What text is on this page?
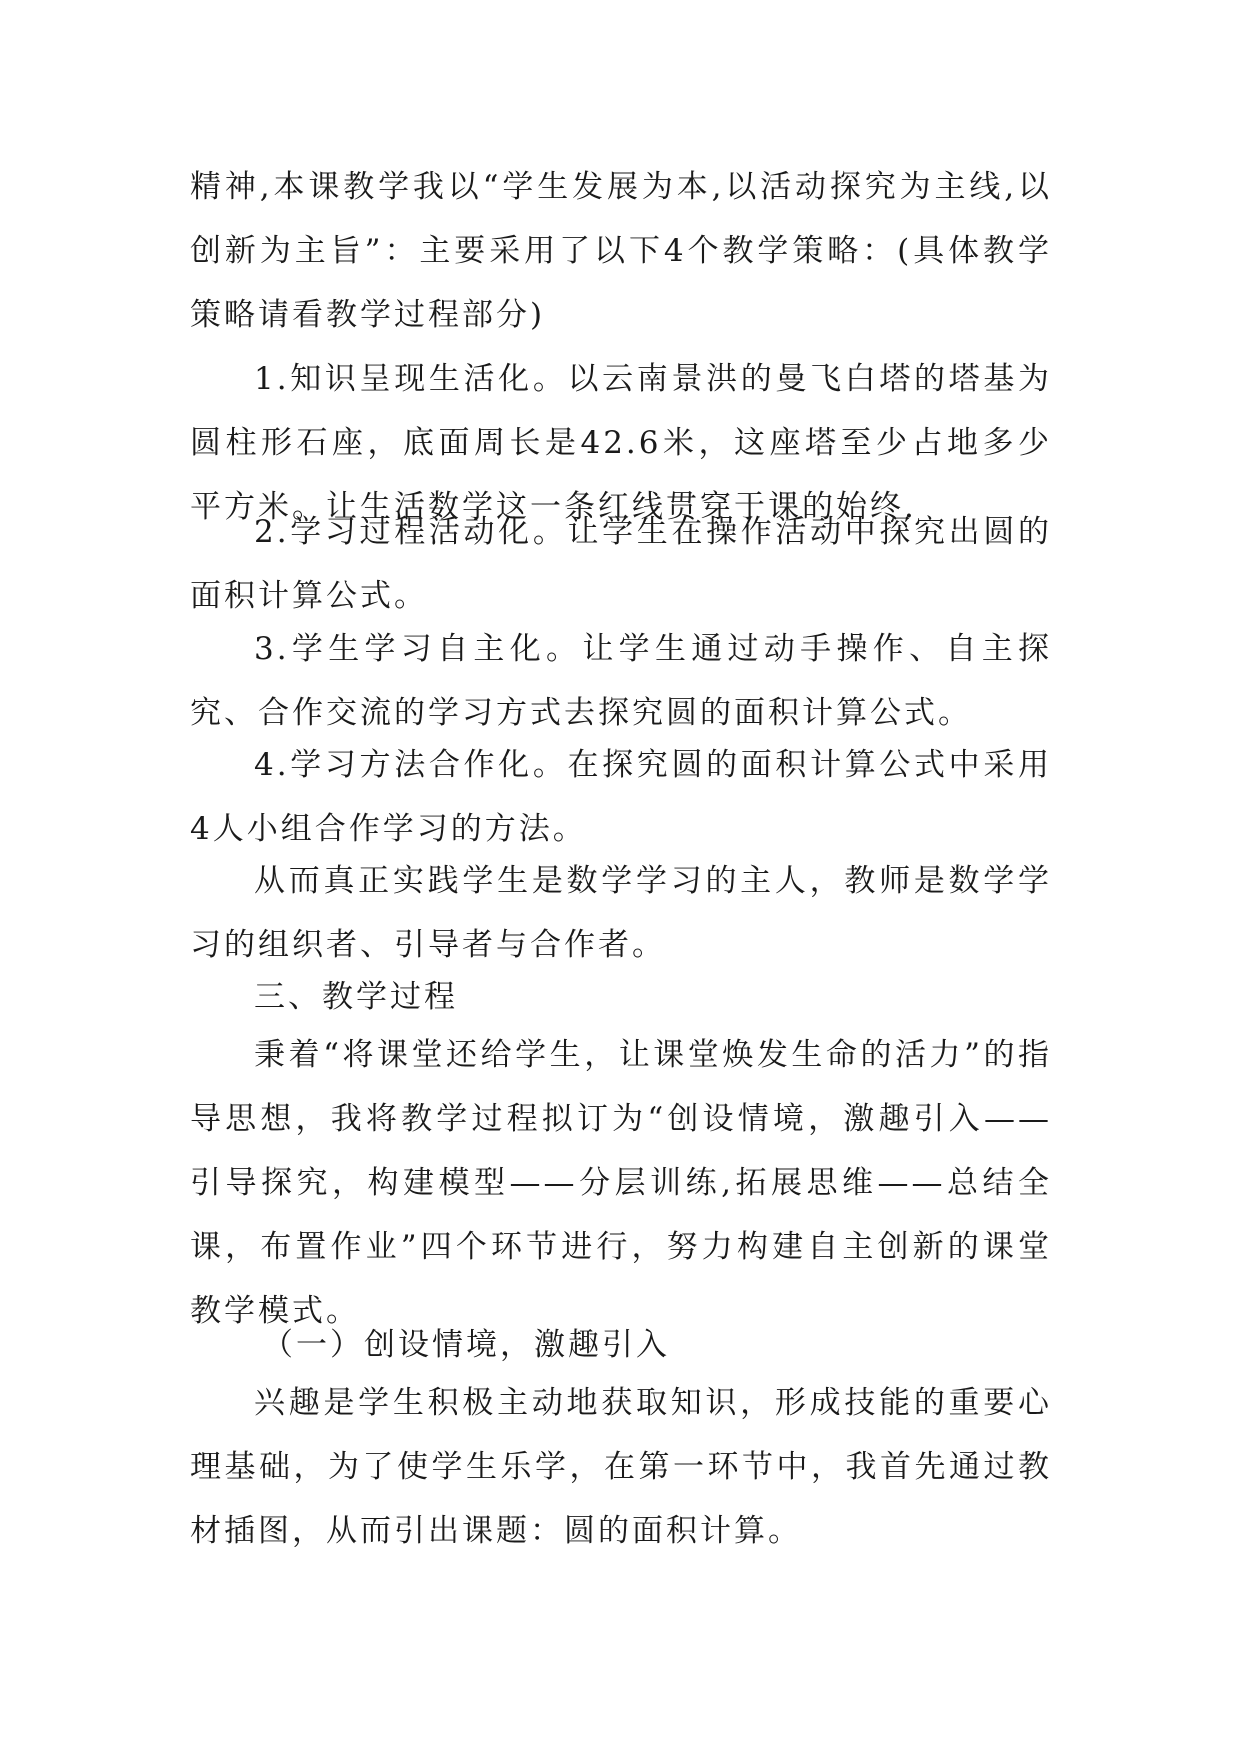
精神,本课教学我以“学生发展为本,以活动探究为主线,以创新为主旨”：主要采用了以下4个教学策略：(具体教学策略请看教学过程部分)

1.知识呈现生活化。以云南景洪的曼飞白塔的塔基为圆柱形石座，底面周长是42.6米，这座塔至少占地多少平方米。让生活数学这一条红线贯穿于课的始终.

2.学习过程活动化。让学生在操作活动中探究出圆的面积计算公式。

3.学生学习自主化。让学生通过动手操作、自主探究、合作交流的学习方式去探究圆的面积计算公式。

4.学习方法合作化。在探究圆的面积计算公式中采用4人小组合作学习的方法。

从而真正实践学生是数学学习的主人，教师是数学学习的组织者、引导者与合作者。

三、教学过程

秉着“将课堂还给学生，让课堂焕发生命的活力”的指导思想，我将教学过程拟订为“创设情境，激趣引入——引导探究，构建模型——分层训练,拓展思维——总结全课，布置作业”四个环节进行，努力构建自主创新的课堂教学模式。

（一）创设情境，激趣引入

兴趣是学生积极主动地获取知识，形成技能的重要心理基础，为了使学生乐学，在第一环节中，我首先通过教材插图，从而引出课题：圆的面积计算。
